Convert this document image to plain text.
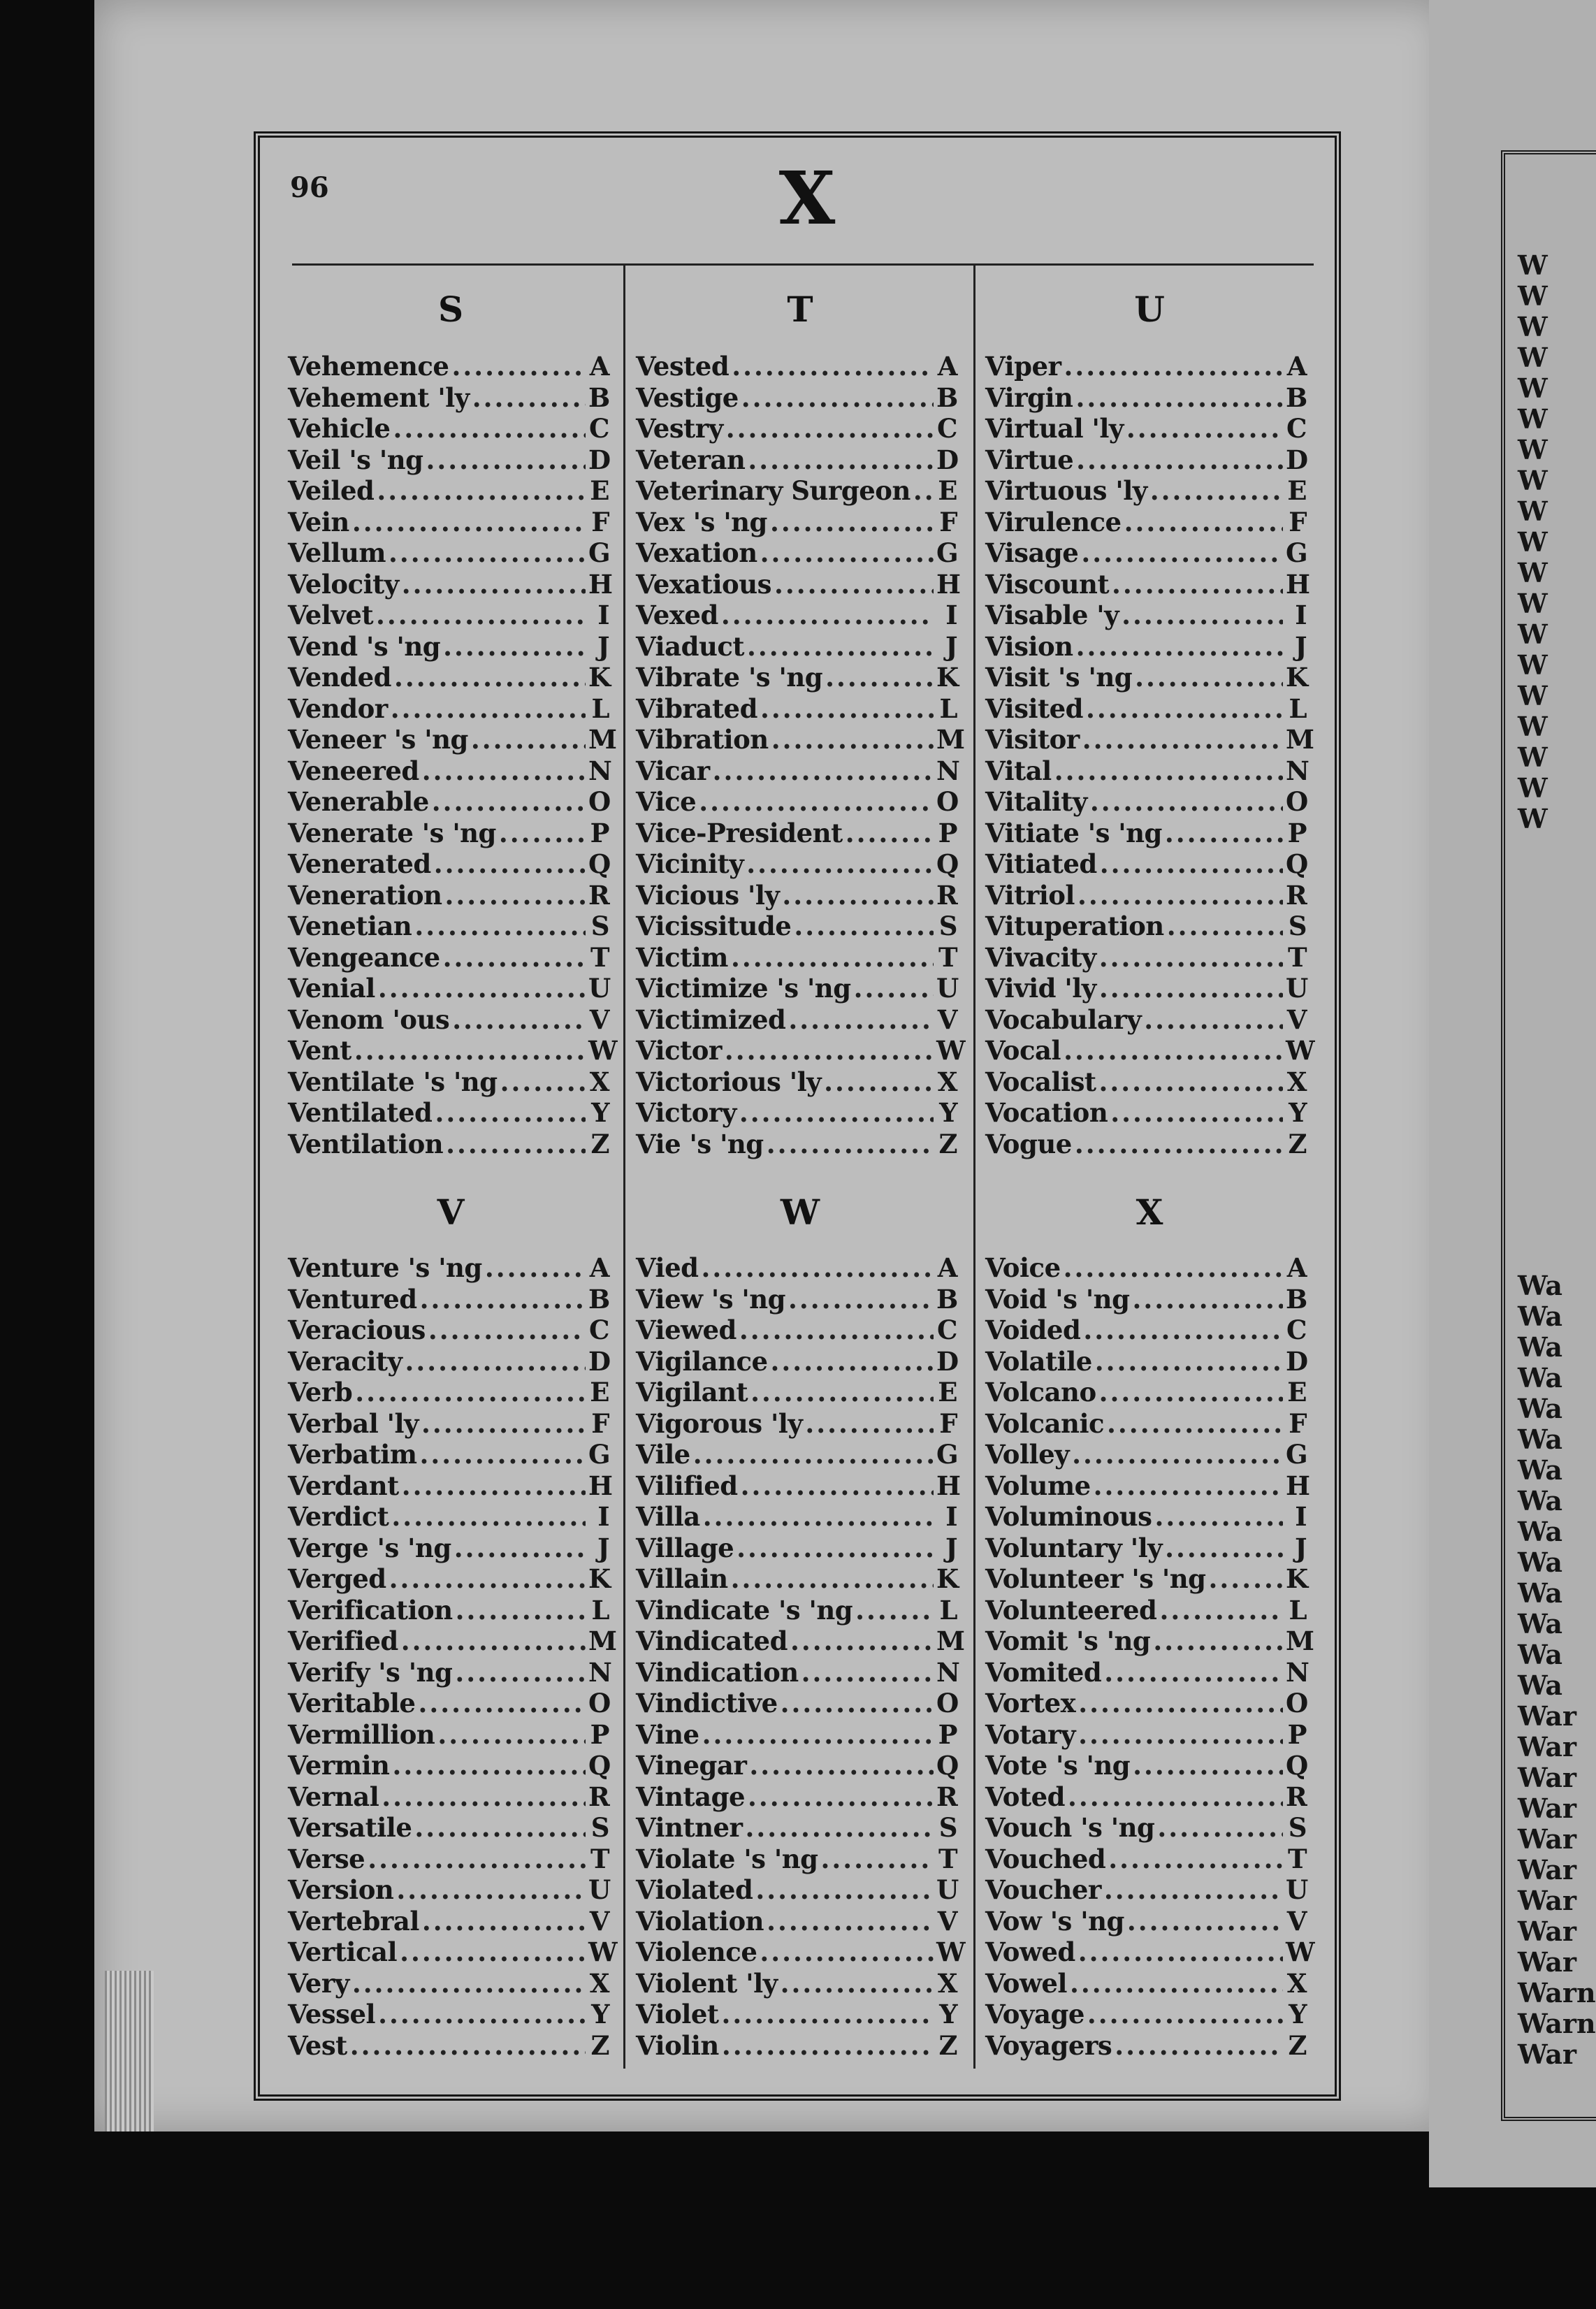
W
W
W
W
W
W
W
W
W
W
W
W
W
W
W
W
W
W
W
Wa
Wa
Wa
Wa
Wa
Wa
Wa
Wa
Wa
Wa
Wa
Wa
Wa
Wa
War
War
War
War
War
War
War
War
War
Warn
Warn
War
96	X
S
Vehemence .....	A
Vehement 'ly .....	B
Vehicle .....	C
Veil 's 'ng .....	D
Veiled .....	E
Vein .....	F
Vellum .....	G
Velocity .....	H
Velvet .....	I
Vend 's 'ng .....	J
Vended .....	K
Vendor .....	L
Veneer 's 'ng .....	M
Veneered .....	N
Venerable .....	O
Venerate 's 'ng .....	P
Venerated .....	Q
Veneration .....	R
Venetian .....	S
Vengeance .....	T
Venial .....	U
Venom 'ous .....	V
Vent .....	W
Ventilate 's 'ng .....	X
Ventilated .....	Y
Ventilation .....	Z
T
Vested .....	A
Vestige .....	B
Vestry .....	C
Veteran .....	D
Veterinary Surgeon ..... E
Vex 's 'ng .....	F
Vexation .....	G
Vexatious .....	H
Vexed .....	I
Viaduct .....	J
Vibrate 's 'ng .....	K
Vibrated .....	L
Vibration .....	M
Vicar .....	N
Vice .....	O
Vice-President .....	P
Vicinity .....	Q
Vicious 'ly .....	R
Vicissitude .....	S
Victim .....	T
Victimize 's 'ng .....	U
Victimized .....	V
Victor .....	W
Victorious 'ly .....	X
Victory .....	Y
Vie 's 'ng .....	Z
U
Viper .....	A
Virgin .....	B
Virtual 'ly .....	C
Virtue .....	D
Virtuous 'ly .....	E
Virulence .....	F
Visage .....	G
Viscount .....	H
Visable 'y .....	I
Vision .....	J
Visit 's 'ng .....	K
Visited .....	L
Visitor .....	M
Vital .....	N
Vitality .....	O
Vitiate 's 'ng .....	P
Vitiated .....	Q
Vitriol .....	R
Vituperation .....	S
Vivacity .....	T
Vivid 'ly .....	U
Vocabulary .....	V
Vocal .....	W
Vocalist .....	X
Vocation .....	Y
Vogue .....	Z
V
Venture 's 'ng .....	A
Ventured .....	B
Veracious .....	C
Veracity .....	D
Verb .....	E
Verbal 'ly .....	F
Verbatim .....	G
Verdant .....	H
Verdict .....	I
Verge 's 'ng .....	J
Verged .....	K
Verification .....	L
Verified .....	M
Verify 's 'ng .....	N
Veritable .....	O
Vermillion .....	P
Vermin .....	Q
Vernal .....	R
Versatile .....	S
Verse .....	T
Version .....	U
Vertebral .....	V
Vertical .....	W
Very .....	X
Vessel .....	Y
Vest .....	Z
W
Vied .....	A
View 's 'ng .....	B
Viewed .....	C
Vigilance .....	D
Vigilant .....	E
Vigorous 'ly .....	F
Vile .....	G
Vilified .....	H
Villa .....	I
Village .....	J
Villain .....	K
Vindicate 's 'ng .....	L
Vindicated .....	M
Vindication .....	N
Vindictive .....	O
Vine .....	P
Vinegar .....	Q
Vintage .....	R
Vintner .....	S
Violate 's 'ng .....	T
Violated .....	U
Violation .....	V
Violence .....	W
Violent 'ly .....	X
Violet .....	Y
Violin .....	Z
X
Voice .....	A
Void 's 'ng .....	B
Voided .....	C
Volatile .....	D
Volcano .....	E
Volcanic .....	F
Volley .....	G
Volume .....	H
Voluminous .....	I
Voluntary 'ly .....	J
Volunteer 's 'ng .....	K
Volunteered .....	L
Vomit 's 'ng .....	M
Vomited .....	N
Vortex .....	O
Votary .....	P
Vote 's 'ng .....	Q
Voted .....	R
Vouch 's 'ng .....	S
Vouched .....	T
Voucher .....	U
Vow 's 'ng .....	V
Vowed .....	W
Vowel .....	X
Voyage .....	Y
Voyagers .....	Z
